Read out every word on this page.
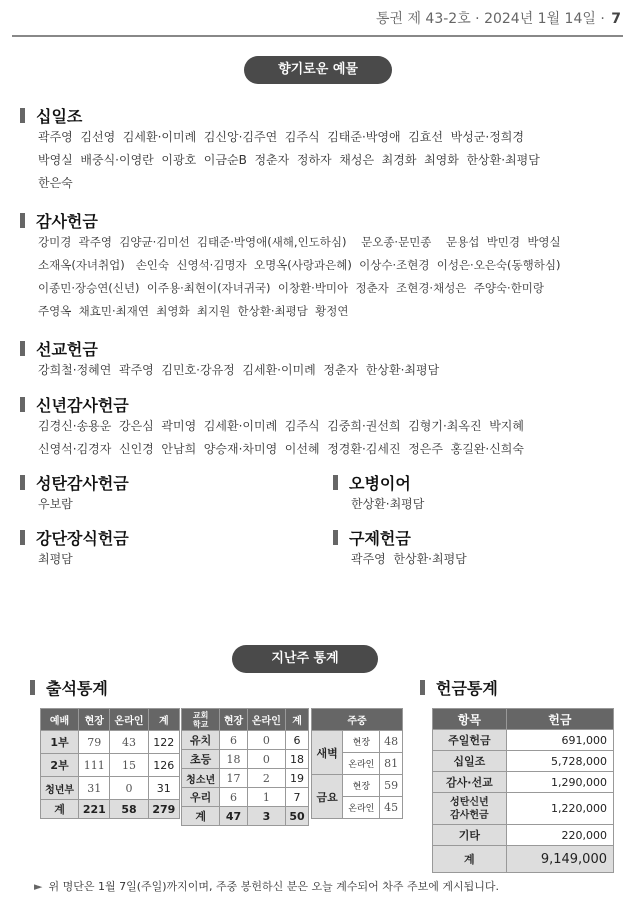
통권 제 43-2호 · 2024년 1월 14일 · 7
향기로운 예물
십일조
곽주영  김선영  김세환·이미례  김신앙·김주연  김주식  김태준·박영애  김효선  박성군·정희경
박영실  배중식·이영란  이광호  이금순B  정춘자  정하자  채성은  최경화  최영화  한상환·최평담
한은숙
감사헌금
강미경  곽주영  김양균·김미선  김태준·박영애(새해,인도하심)    문오종·문민종    문용섭  박민경  박영실
소재옥(자녀취업)   손인숙  신영석·김명자  오명옥(사랑과은혜)  이상수·조현경  이성은·오은숙(동행하심)
이종민·장승연(신년)  이주용·최현이(자녀귀국)  이창환·박미아  정춘자  조현경·채성은  주양숙·한미랑
주영옥  채효민·최재연  최영화  최지원  한상환·최평담  황정연
선교헌금
강희철·정혜연  곽주영  김민호·강유정  김세환·이미례  정춘자  한상환·최평담
신년감사헌금
김경신·송용운  강은심  곽미영  김세환·이미례  김주식  김중희·권선희  김형기·최옥진  박지혜
신영석·김경자  신인경  안남희  양승재·차미영  이선혜  정경환·김세진  정은주  홍길완·신희숙
성탄감사헌금
우보람
오병이어
한상환·최평담
강단장식헌금
최평담
구제헌금
곽주영  한상환·최평담
지난주 통계
출석통계	헌금통계
예배	현장	온라인	계
1부	79	43	122
2부	111	15	126
청년부	31	0	31
계	221	58	279
교회
학교	현장	온라인	계
유치	6	0	6
초등	18	0	18
청소년	17	2	19
우리	6	1	7
계	47	3	50
주중		
새벽	현장	48
	온라인	81
금요	현장	59
	온라인	45
항목	헌금
주일헌금	691,000
십일조	5,728,000
감사·선교	1,290,000
성탄신년
감사헌금	1,220,000
기타	220,000
계	9,149,000
► 위 명단은 1월 7일(주일)까지이며, 주중 봉헌하신 분은 오늘 계수되어 차주 주보에 게시됩니다.
